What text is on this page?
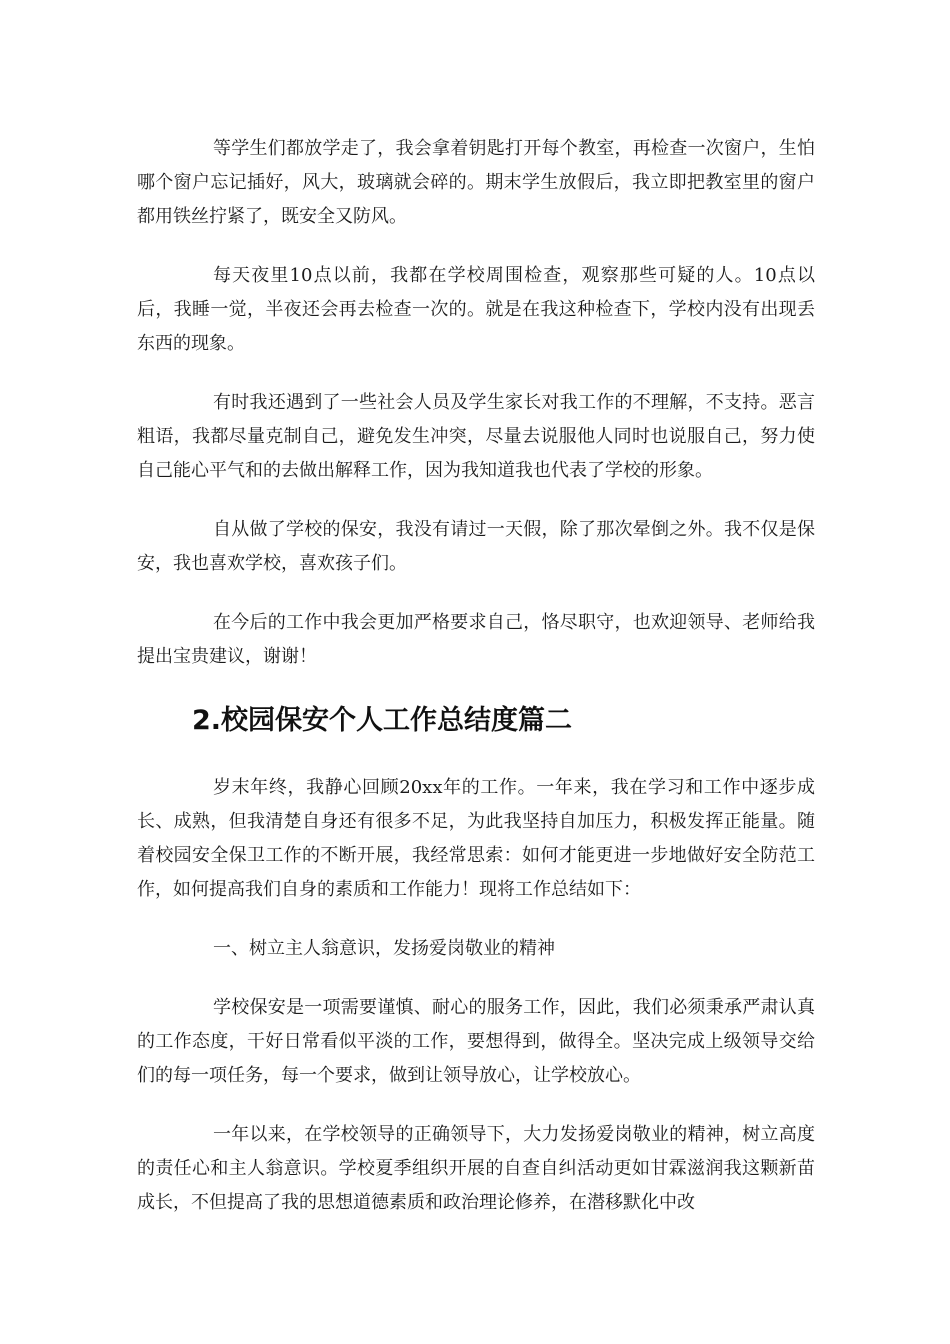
等学生们都放学走了，我会拿着钥匙打开每个教室，再检查一次窗户，生怕哪个窗户忘记插好，风大，玻璃就会碎的。期末学生放假后，我立即把教室里的窗户都用铁丝拧紧了，既安全又防风。

每天夜里10点以前，我都在学校周围检查，观察那些可疑的人。10点以后，我睡一觉，半夜还会再去检查一次的。就是在我这种检查下，学校内没有出现丢东西的现象。

有时我还遇到了一些社会人员及学生家长对我工作的不理解，不支持。恶言粗语，我都尽量克制自己，避免发生冲突，尽量去说服他人同时也说服自己，努力使自己能心平气和的去做出解释工作，因为我知道我也代表了学校的形象。

自从做了学校的保安，我没有请过一天假，除了那次晕倒之外。我不仅是保安，我也喜欢学校，喜欢孩子们。

在今后的工作中我会更加严格要求自己，恪尽职守，也欢迎领导、老师给我提出宝贵建议，谢谢！

2.校园保安个人工作总结度篇二

岁末年终，我静心回顾20xx年的工作。一年来，我在学习和工作中逐步成长、成熟，但我清楚自身还有很多不足，为此我坚持自加压力，积极发挥正能量。随着校园安全保卫工作的不断开展，我经常思索：如何才能更进一步地做好安全防范工作，如何提高我们自身的素质和工作能力！现将工作总结如下：

一、树立主人翁意识，发扬爱岗敬业的精神

学校保安是一项需要谨慎、耐心的服务工作，因此，我们必须秉承严肃认真的工作态度，干好日常看似平淡的工作，要想得到，做得全。坚决完成上级领导交给们的每一项任务，每一个要求，做到让领导放心，让学校放心。

一年以来，在学校领导的正确领导下，大力发扬爱岗敬业的精神，树立高度的责任心和主人翁意识。学校夏季组织开展的自查自纠活动更如甘霖滋润我这颗新苗成长，不但提高了我的思想道德素质和政治理论修养，在潜移默化中改
